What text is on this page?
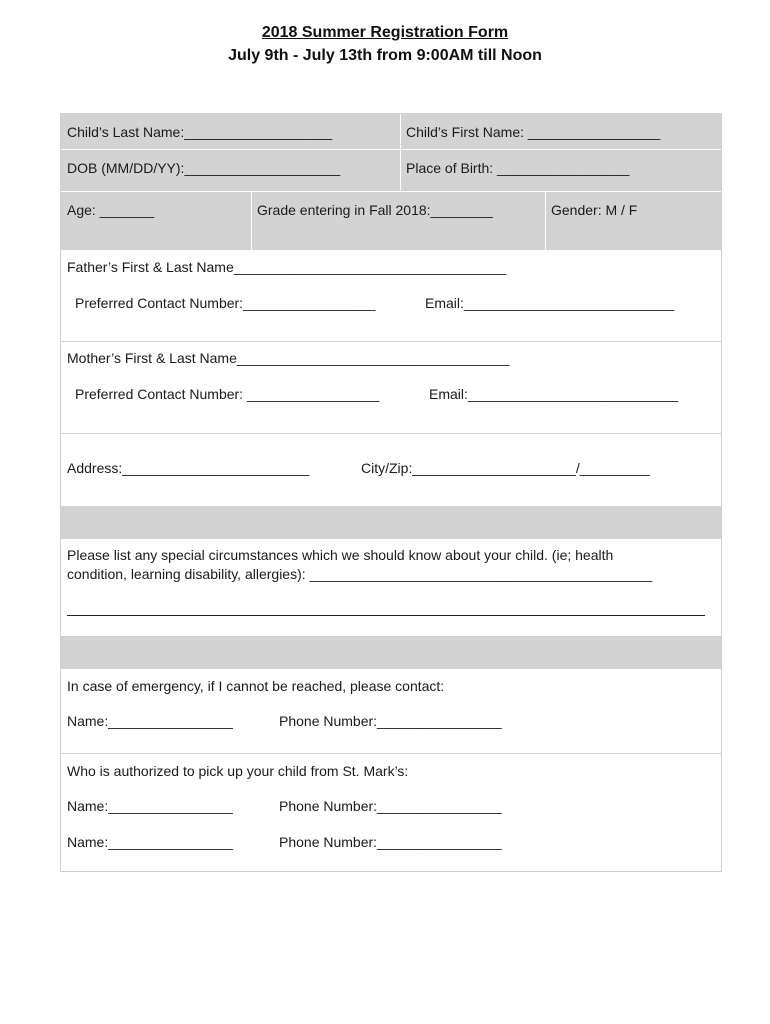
2018 Summer Registration Form
July 9th - July 13th from 9:00AM till Noon
Child’s Last Name:___________________	Child’s First Name: _________________
DOB (MM/DD/YY):____________________	Place of Birth: _________________
Age: _______	Grade entering in Fall 2018:________	Gender: M / F
Father’s First & Last Name___________________________________
Preferred Contact Number:_________________	Email:___________________________
Mother’s First & Last Name___________________________________
Preferred Contact Number: _________________	Email:___________________________
Address:________________________	City/Zip:_____________________/_________
Please list any special circumstances which we should know about your child. (ie; health
condition, learning disability, allergies): ____________________________________________
In case of emergency, if I cannot be reached, please contact:
Name:________________	Phone Number:________________
Who is authorized to pick up your child from St. Mark’s:
Name:________________	Phone Number:________________
Name:________________	Phone Number:________________
